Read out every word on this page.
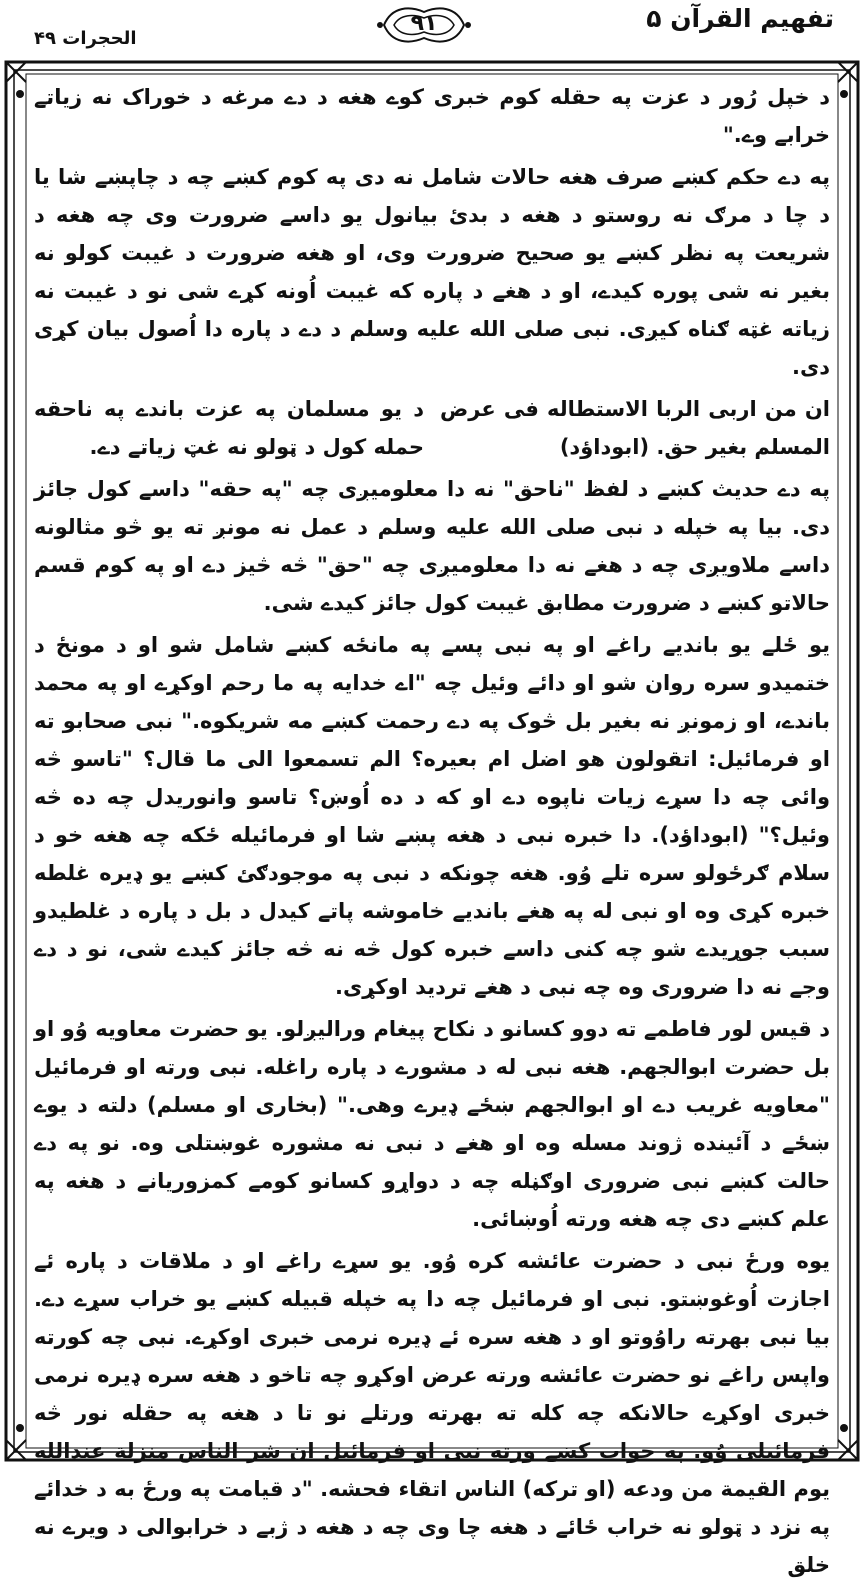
الحجرات ۴۹
۹۱	تفهیم القرآن ۵

د خپل رُور د عزت په حقله کوم خبری کوے هغه د دے مرغه د خوراک نه زیاتے خرابے وے."

په دے حکم کښے صرف هغه حالات شامل نه دی په کوم کښے چه د چاپښے شا یا د چا د مرګ نه روستو د هغه د بدئ بیانول یو داسے ضرورت وی چه هغه د شریعت په نظر کښے یو صحیح ضرورت وی، او هغه ضرورت د غیبت کولو نه بغیر نه شی پوره کیدے، او د هغے د پاره که غیبت اُونه کړے شی نو د غیبت نه زیاته غټه ګناه کیږی. نبی صلی الله علیه وسلم د دے د پاره دا اُصول بیان کړی دی.

ان من اربی الربا الاستطاله فی عرض المسلم بغیر حق. (ابوداؤد)
د یو مسلمان په عزت باندے په ناحقه حمله کول د ټولو نه غټ زیاتے دے.

په دے حدیث کښے د لفظ "ناحق" نه دا معلومیږی چه "په حقه" داسے کول جائز دی. بیا په خپله د نبی صلی الله علیه وسلم د عمل نه مونږ ته یو څو مثالونه داسے ملاویږی چه د هغے نه دا معلومیږی چه "حق" څه څیز دے او په کوم قسم حالاتو کښے د ضرورت مطابق غیبت کول جائز کیدے شی.

یو ځلے یو باندیے راغے او په نبی پسے په مانځه کښے شامل شو او د مونځ د ختمیدو سره روان شو او دائے وئیل چه "اے خدایه په ما رحم اوکړے او په محمد باندے، او زمونږ نه بغیر بل څوک په دے رحمت کښے مه شریکوه." نبی صحابو ته او فرمائیل: اتقولون هو اضل ام بعیره؟ الم تسمعوا الی ما قال؟ "تاسو څه وائی چه دا سړے زیات ناپوه دے او که د ده اُوښ؟ تاسو وانوریدل چه ده څه وئیل؟" (ابوداؤد). دا خبره نبی د هغه پښے شا او فرمائیله ځکه چه هغه خو د سلام ګرځولو سره تلے وُو. هغه چونکه د نبی په موجودګئ کښے یو ډیره غلطه خبره کړی وه او نبی له په هغے باندیے خاموشه پاتے کیدل د بل د پاره د غلطیدو سبب جوړیدے شو چه کنی داسے خبره کول څه نه څه جائز کیدے شی، نو د دے وجے نه دا ضروری وه چه نبی د هغے تردید اوکړی.

د قیس لور فاطمے ته دوو کسانو د نکاح پیغام ورالیږلو. یو حضرت معاویه وُو او بل حضرت ابوالجهم. هغه نبی له د مشورے د پاره راغله. نبی ورته او فرمائیل "معاویه غریب دے او ابوالجهم ښځے ډیرے وهی." (بخاری او مسلم) دلته د یوے ښځے د آئینده ژوند مسله وه او هغے د نبی نه مشوره غوښتلی وه. نو په دے حالت کښے نبی ضروری اوګڼله چه د دواړو کسانو کومے کمزوریانے د هغه په علم کښے دی چه هغه ورته اُوښائی.

یوه ورځ نبی د حضرت عائشه کره وُو. یو سړے راغے او د ملاقات د پاره ئے اجازت اُوغوښتو. نبی او فرمائیل چه دا په خپله قبیله کښے یو خراب سړے دے. بیا نبی بهرته راوُوتو او د هغه سره ئے ډیره نرمی خبری اوکړے. نبی چه کورته واپس راغے نو حضرت عائشه ورته عرض اوکړو چه تاخو د هغه سره ډیره نرمی خبری اوکړے حالانکه چه کله ته بهرته ورتلے نو تا د هغه په حقله نور څه فرمائیلی وُو. په جواب کښے ورته نبی او فرمائیل ان شر الناس منزلة عندالله یوم القیمة من ودعه (او ترکه) الناس اتقاء فحشه. "د قیامت په ورځ به د خدائے په نزد د ټولو نه خراب ځائے د هغه چا وی چه د هغه د ژبے د خرابوالی د ویرے نه خلق
